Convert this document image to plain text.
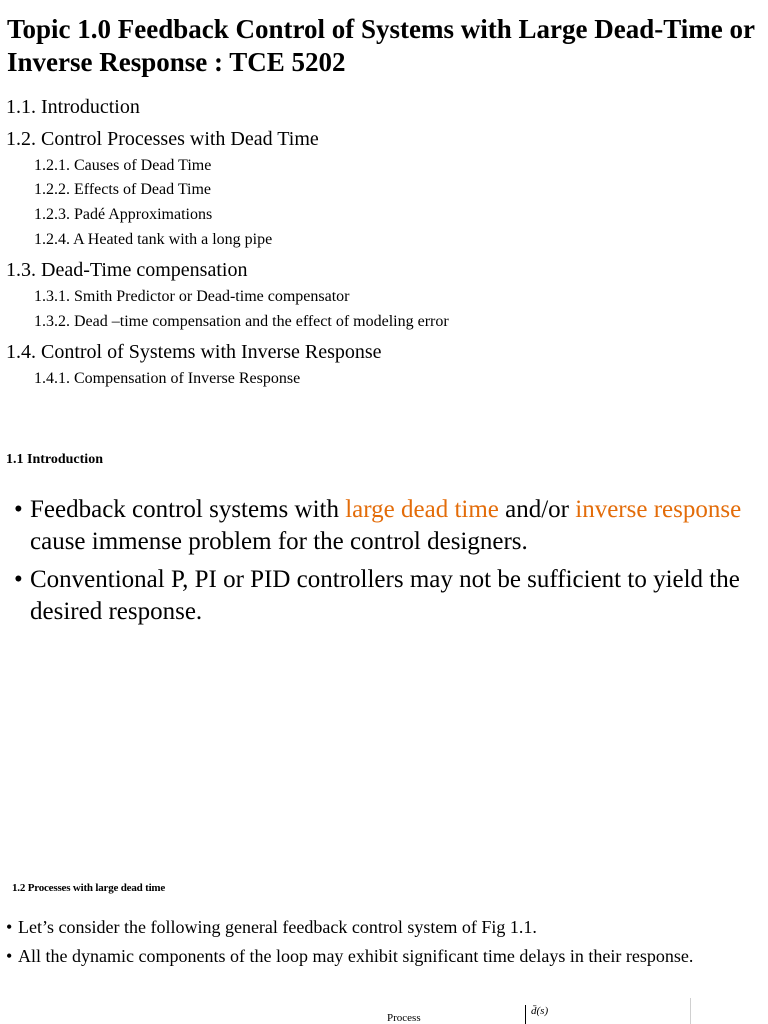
Topic 1.0 Feedback Control of Systems with Large Dead-Time or Inverse Response : TCE 5202
1.1. Introduction
1.2. Control Processes with Dead Time
1.2.1. Causes of Dead Time
1.2.2. Effects of Dead Time
1.2.3. Padé Approximations
1.2.4. A Heated tank with a long pipe
1.3. Dead-Time compensation
1.3.1. Smith Predictor or Dead-time compensator
1.3.2. Dead –time compensation and the effect of modeling error
1.4. Control of Systems with Inverse Response
1.4.1. Compensation of Inverse Response
1.1 Introduction
• Feedback control systems with large dead time and/or inverse response cause immense problem for the control designers.
• Conventional P, PI or PID controllers may not be sufficient to yield the desired response.
1.2 Processes with large dead time
• Let’s consider the following general feedback control system of Fig 1.1.
• All the dynamic components of the loop may exhibit significant time delays in their response.
Process
d̄(s)
